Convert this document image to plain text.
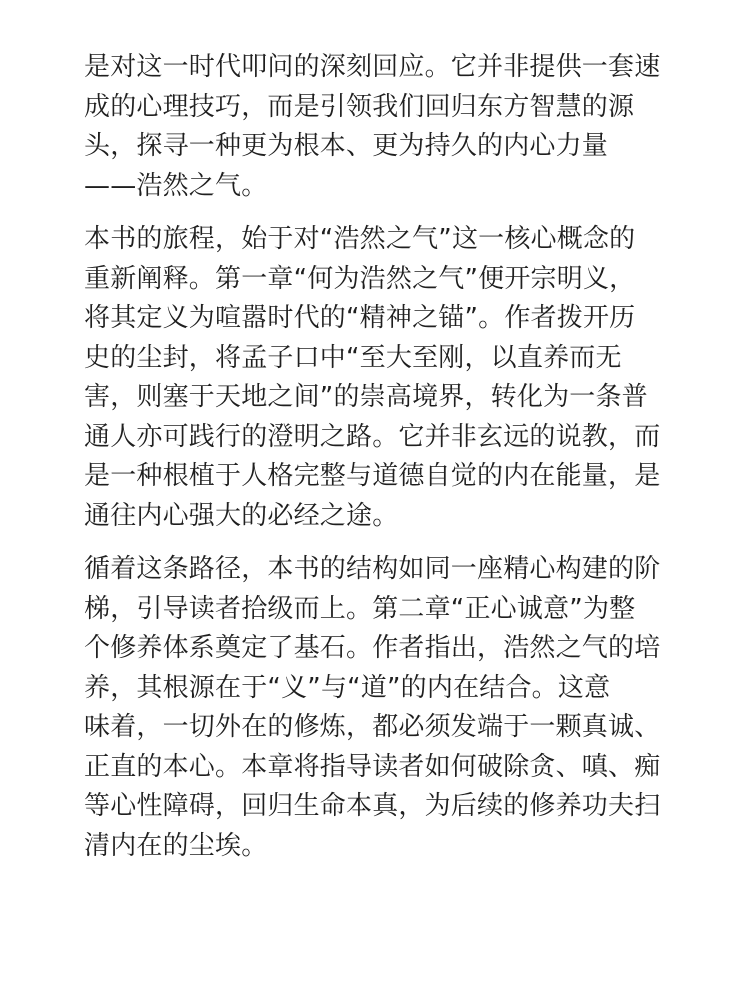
是对这一时代叩问的深刻回应。它并非提供一套速
成的心理技巧，而是引领我们回归东方智慧的源
头，探寻一种更为根本、更为持久的内心力量
——浩然之气。
本书的旅程，始于对“浩然之气”这一核心概念的
重新阐释。第一章“何为浩然之气”便开宗明义，
将其定义为喧嚣时代的“精神之锚”。作者拨开历
史的尘封，将孟子口中“至大至刚，以直养而无
害，则塞于天地之间”的崇高境界，转化为一条普
通人亦可践行的澄明之路。它并非玄远的说教，而
是一种根植于人格完整与道德自觉的内在能量，是
通往内心强大的必经之途。
循着这条路径，本书的结构如同一座精心构建的阶
梯，引导读者拾级而上。第二章“正心诚意”为整
个修养体系奠定了基石。作者指出，浩然之气的培
养，其根源在于“义”与“道”的内在结合。这意
味着，一切外在的修炼，都必须发端于一颗真诚、
正直的本心。本章将指导读者如何破除贪、嗔、痴
等心性障碍，回归生命本真，为后续的修养功夫扫
清内在的尘埃。
